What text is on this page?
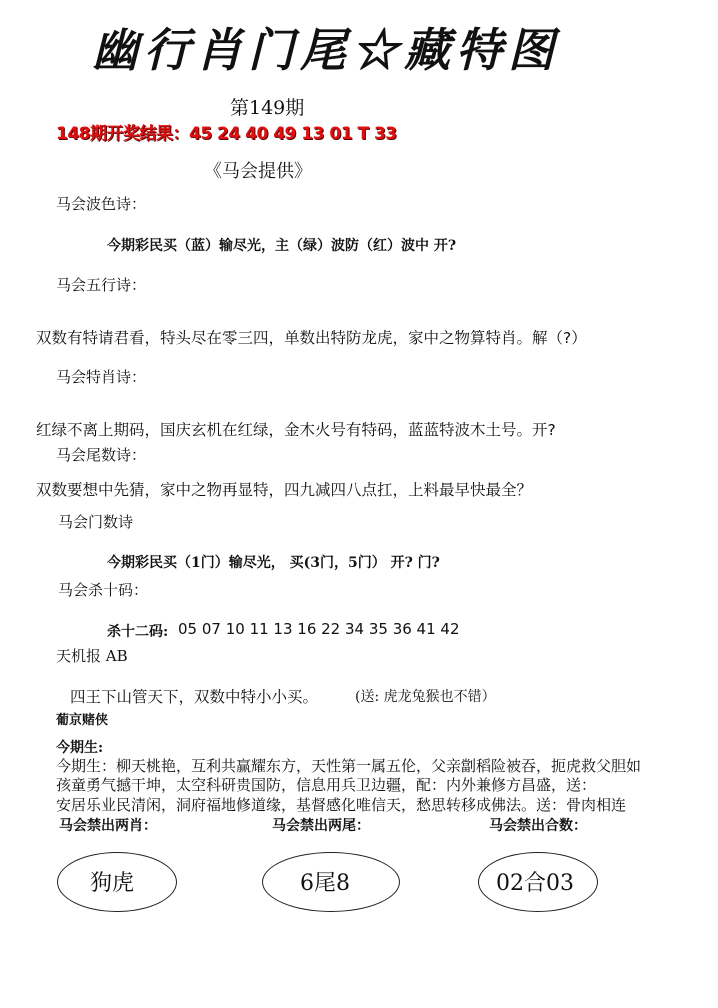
幽行肖门尾☆藏特图
第149期
148期开奖结果：45 24 40 49 13 01 T 33
《马会提供》
马会波色诗：
今期彩民买（蓝）输尽光，主（绿）波防（红）波中 开?
马会五行诗：
双数有特请君看，特头尽在零三四，单数出特防龙虎，家中之物算特肖。解（?）
马会特肖诗：
红绿不离上期码，国庆玄机在红绿，金木火号有特码，蓝蓝特波木土号。开?
马会尾数诗：
双数要想中先猜，家中之物再显特，四九减四八点扛，上料最早快最全？
马会门数诗
今期彩民买（1门）输尽光， 买(3门，5门） 开? 门?
马会杀十码：
杀十二码: 05 07 10 11 13 16 22 34 35 36 41 42
天机报 AB
四王下山管天下，双数中特小小买。	(送: 虎龙兔猴也不错）
葡京赌侠
今期生:
今期生：柳天桃艳，互利共赢耀东方，天性第一属五伦，父亲劏稻险被吞，扼虎救父胆如
孩童勇气撼干坤，太空科研贵国防，信息用兵卫边疆，配：内外兼修方昌盛，送：
安居乐业民清闲，洞府福地修道缘，基督感化唯信天，愁思转移成佛法。送：骨肉相连
马会禁出两肖：	马会禁出两尾：	马会禁出合数：
狗虎	6尾8	02合03
